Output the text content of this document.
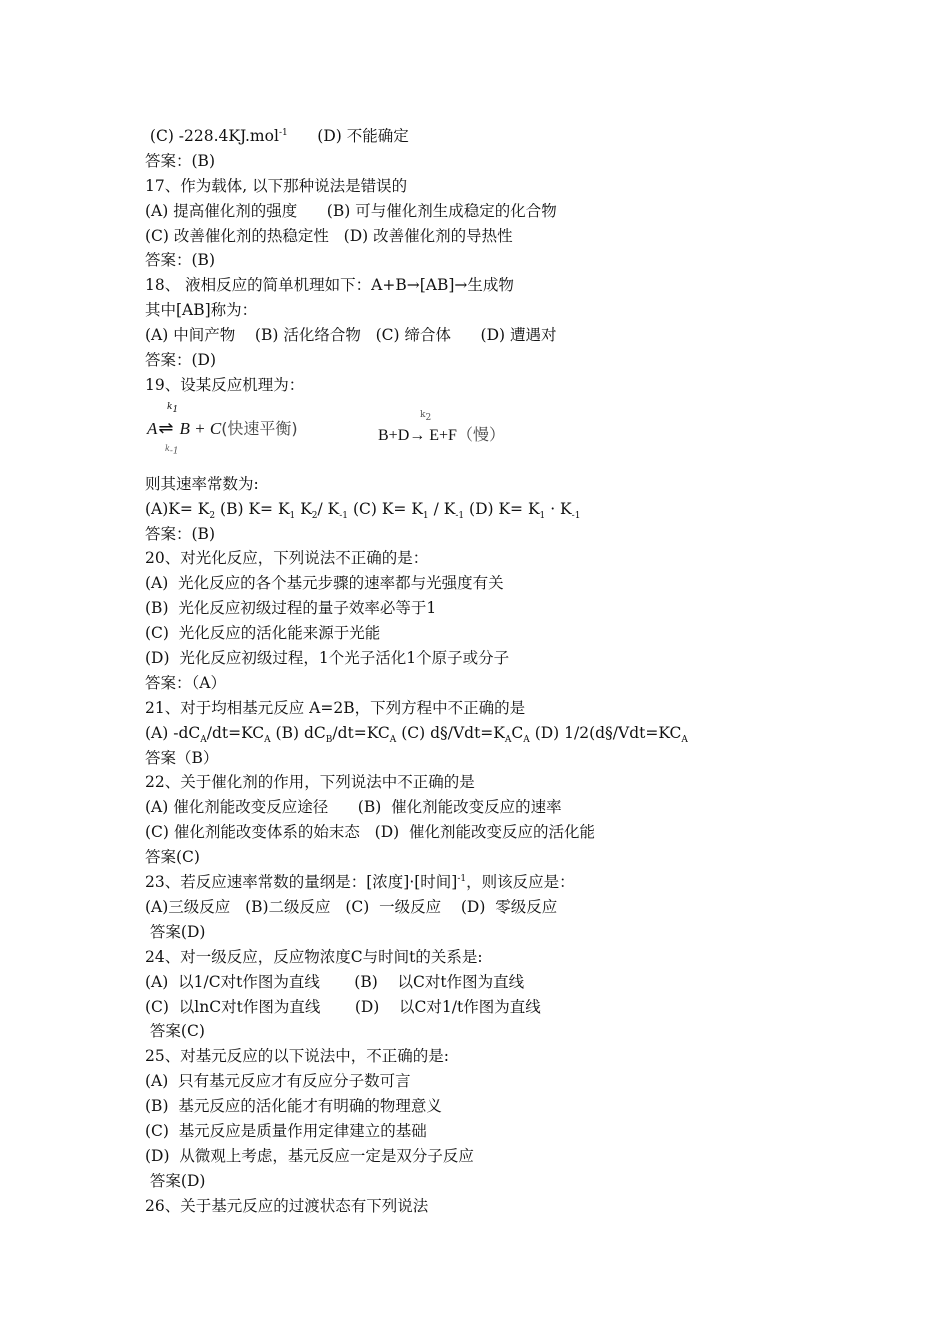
(C) -228.4KJ.mol$^{-1}$      (D) 不能确定
答案：(B)
17、作为载体, 以下那种说法是错误的
(A) 提高催化剂的强度      (B) 可与催化剂生成稳定的化合物
(C) 改善催化剂的热稳定性   (D) 改善催化剂的导热性
答案：(B)
18、 液相反应的简单机理如下：A+B→[AB]→生成物
其中[AB]称为：
(A) 中间产物    (B) 活化络合物   (C) 缔合体      (D) 遭遇对
答案：(D)
19、设某反应机理为：
$k_1$
$k_{-1}$
A⇌ B + C(快速平衡)
$k_2$
B+D→ E+F（慢）
则其速率常数为:
$(A)K= K_2$ (B) $K= K_1$ $K_2/$ $K_{-1}$ (C) $K= K_1 / K_{-1}$ (D) $K= K_1 \cdot K_{-1}$
答案：(B)
20、对光化反应，下列说法不正确的是：
(A)  光化反应的各个基元步骤的速率都与光强度有关
(B)  光化反应初级过程的量子效率必等于1
(C)  光化反应的活化能来源于光能
(D)  光化反应初级过程，1个光子活化1个原子或分子
答案：（A）
21、对于均相基元反应 A=2B，下列方程中不正确的是
(A) $-dC_A/dt=KC_A$ (B) $dC_B/dt=KC_A$ (C) $d\S/Vdt=K_AC_A$ (D) $1/2(d\S/Vdt=KC_A$
答案（B）
22、关于催化剂的作用，下列说法中不正确的是
(A) 催化剂能改变反应途径      (B)  催化剂能改变反应的速率
(C) 催化剂能改变体系的始末态   (D)  催化剂能改变反应的活化能
答案(C)
23、若反应速率常数的量纲是：[浓度]·[时间]$^{-1}$，则该反应是：
(A)三级反应   (B)二级反应   (C)  一级反应    (D)  零级反应
答案(D)
24、对一级反应，反应物浓度C与时间t的关系是:
(A)  以1/C对t作图为直线       (B)    以C对t作图为直线
(C)  以lnC对t作图为直线       (D)    以C对1/t作图为直线
答案(C)
25、对基元反应的以下说法中，不正确的是:
(A)  只有基元反应才有反应分子数可言
(B)  基元反应的活化能才有明确的物理意义
(C)  基元反应是质量作用定律建立的基础
(D)  从微观上考虑，基元反应一定是双分子反应
答案(D)
26、关于基元反应的过渡状态有下列说法
